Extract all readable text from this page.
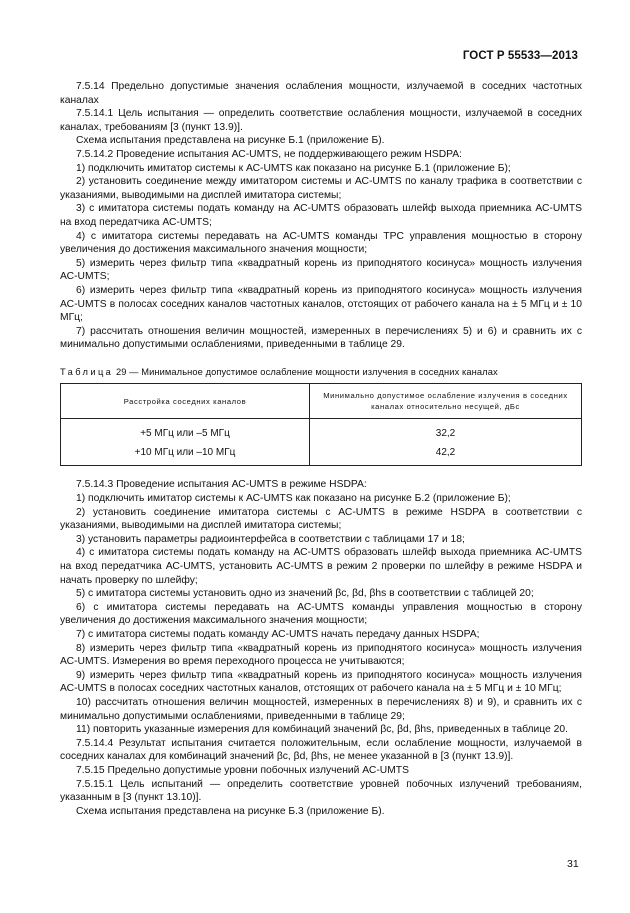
ГОСТ Р 55533—2013

7.5.14 Предельно допустимые значения ослабления мощности, излучаемой в соседних частотных каналах

7.5.14.1 Цель испытания — определить соответствие ослабления мощности, излучаемой в соседних каналах, требованиям [3 (пункт 13.9)].

Схема испытания представлена на рисунке Б.1 (приложение Б).

7.5.14.2 Проведение испытания АС-UMTS, не поддерживающего режим HSDPA:

1) подключить имитатор системы к АС-UMTS как показано на рисунке Б.1 (приложение Б);

2) установить соединение между имитатором системы и АС-UMTS по каналу трафика в соответствии с указаниями, выводимыми на дисплей имитатора системы;

3) с имитатора системы подать команду на АС-UMTS образовать шлейф выхода приемника АС-UMTS на вход передатчика АС-UMTS;

4) с имитатора системы передавать на АС-UMTS команды TPC управления мощностью в сторону увеличения до достижения максимального значения мощности;

5) измерить через фильтр типа «квадратный корень из приподнятого косинуса» мощность излучения АС-UMTS;

6) измерить через фильтр типа «квадратный корень из приподнятого косинуса» мощность излучения АС-UMTS в полосах соседних каналов частотных каналов, отстоящих от рабочего канала на ± 5 МГц и ± 10 МГц;

7) рассчитать отношения величин мощностей, измеренных в перечислениях 5) и 6) и сравнить их с минимально допустимыми ослаблениями, приведенными в таблице 29.

Таблица 29 — Минимальное допустимое ослабление мощности излучения в соседних каналах
Расстройка соседних каналов	Минимально допустимое ослабление излучения в соседних каналах относительно несущей, дБс
+5 МГц или –5 МГц	32,2
+10 МГц или –10 МГц	42,2

7.5.14.3 Проведение испытания АС-UMTS в режиме HSDPA:

1) подключить имитатор системы к АС-UMTS как показано на рисунке Б.2 (приложение Б);

2) установить соединение имитатора системы с АС-UMTS в режиме HSDPA в соответствии с указаниями, выводимыми на дисплей имитатора системы;

3) установить параметры радиоинтерфейса в соответствии с таблицами 17 и 18;

4) с имитатора системы подать команду на АС-UMTS образовать шлейф выхода приемника АС-UMTS на вход передатчика АС-UMTS, установить АС-UMTS в режим 2 проверки по шлейфу в режиме HSDPA и начать проверку по шлейфу;

5) с имитатора системы установить одно из значений βc, βd, βhs в соответствии с таблицей 20;

6) с имитатора системы передавать на АС-UMTS команды управления мощностью в сторону увеличения до достижения максимального значения мощности;

7) с имитатора системы подать команду АС-UMTS начать передачу данных HSDPA;

8) измерить через фильтр типа «квадратный корень из приподнятого косинуса» мощность излучения АС-UMTS. Измерения во время переходного процесса не учитываются;

9) измерить через фильтр типа «квадратный корень из приподнятого косинуса» мощность излучения АС-UMTS в полосах соседних частотных каналов, отстоящих от рабочего канала на ± 5 МГц и ± 10 МГц;

10) рассчитать отношения величин мощностей, измеренных в перечислениях 8) и 9), и сравнить их с минимально допустимыми ослаблениями, приведенными в таблице 29;

11) повторить указанные измерения для комбинаций значений βc, βd, βhs, приведенных в таблице 20.

7.5.14.4 Результат испытания считается положительным, если ослабление мощности, излучаемой в соседних каналах для комбинаций значений βc, βd, βhs, не менее указанной в [3 (пункт 13.9)].

7.5.15 Предельно допустимые уровни побочных излучений АС-UMTS

7.5.15.1 Цель испытаний — определить соответствие уровней побочных излучений требованиям, указанным в [3 (пункт 13.10)].

Схема испытания представлена на рисунке Б.3 (приложение Б).

31
